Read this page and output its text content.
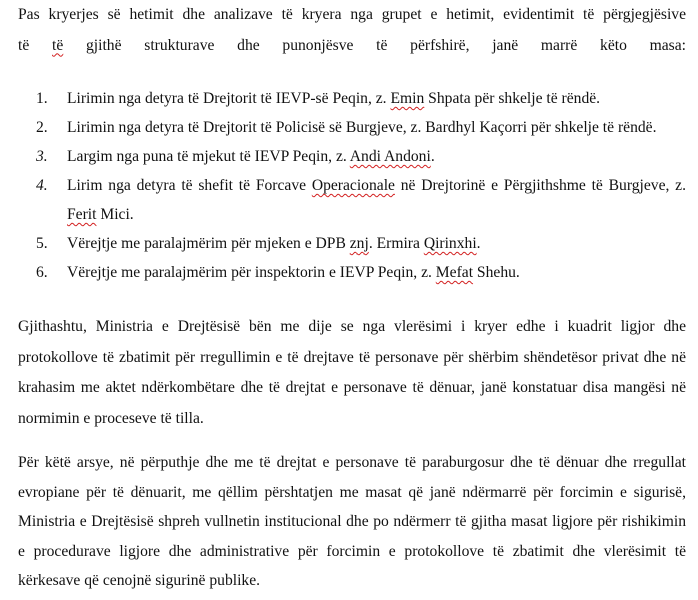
Pas kryerjes së hetimit dhe analizave të kryera nga grupet e hetimit, evidentimit të përgjegjësive
të të gjithë strukturave dhe punonjësve të përfshirë, janë marrë këto masa:

1. Lirimin nga detyra të Drejtorit të IEVP-së Peqin, z. Emin Shpata për shkelje të rëndë.
2. Lirimin nga detyra të Drejtorit të Policisë së Burgjeve, z. Bardhyl Kaçorri për shkelje të rëndë.
3. Largim nga puna të mjekut të IEVP Peqin, z. Andi Andoni.
4. Lirim nga detyra të shefit të Forcave Operacionale në Drejtorinë e Përgjithshme të Burgjeve, z. Ferit Mici.
5. Vërejtje me paralajmërim për mjeken e DPB znj. Ermira Qirinxhi.
6. Vërejtje me paralajmërim për inspektorin e IEVP Peqin, z. Mefat Shehu.

Gjithashtu, Ministria e Drejtësisë bën me dije se nga vlerësimi i kryer edhe i kuadrit ligjor dhe protokollove të zbatimit për rregullimin e të drejtave të personave për shërbim shëndetësor privat dhe në krahasim me aktet ndërkombëtare dhe të drejtat e personave të dënuar, janë konstatuar disa mangësi në normimin e proceseve të tilla.

Për këtë arsye, në përputhje dhe me të drejtat e personave të paraburgosur dhe të dënuar dhe rregullat evropiane për të dënuarit, me qëllim përshtatjen me masat që janë ndërmarrë për forcimin e sigurisë, Ministria e Drejtësisë shpreh vullnetin institucional dhe po ndërmerr të gjitha masat ligjore për rishikimin e procedurave ligjore dhe administrative për forcimin e protokollove të zbatimit dhe vlerësimit të kërkesave që cenojnë sigurinë publike.
